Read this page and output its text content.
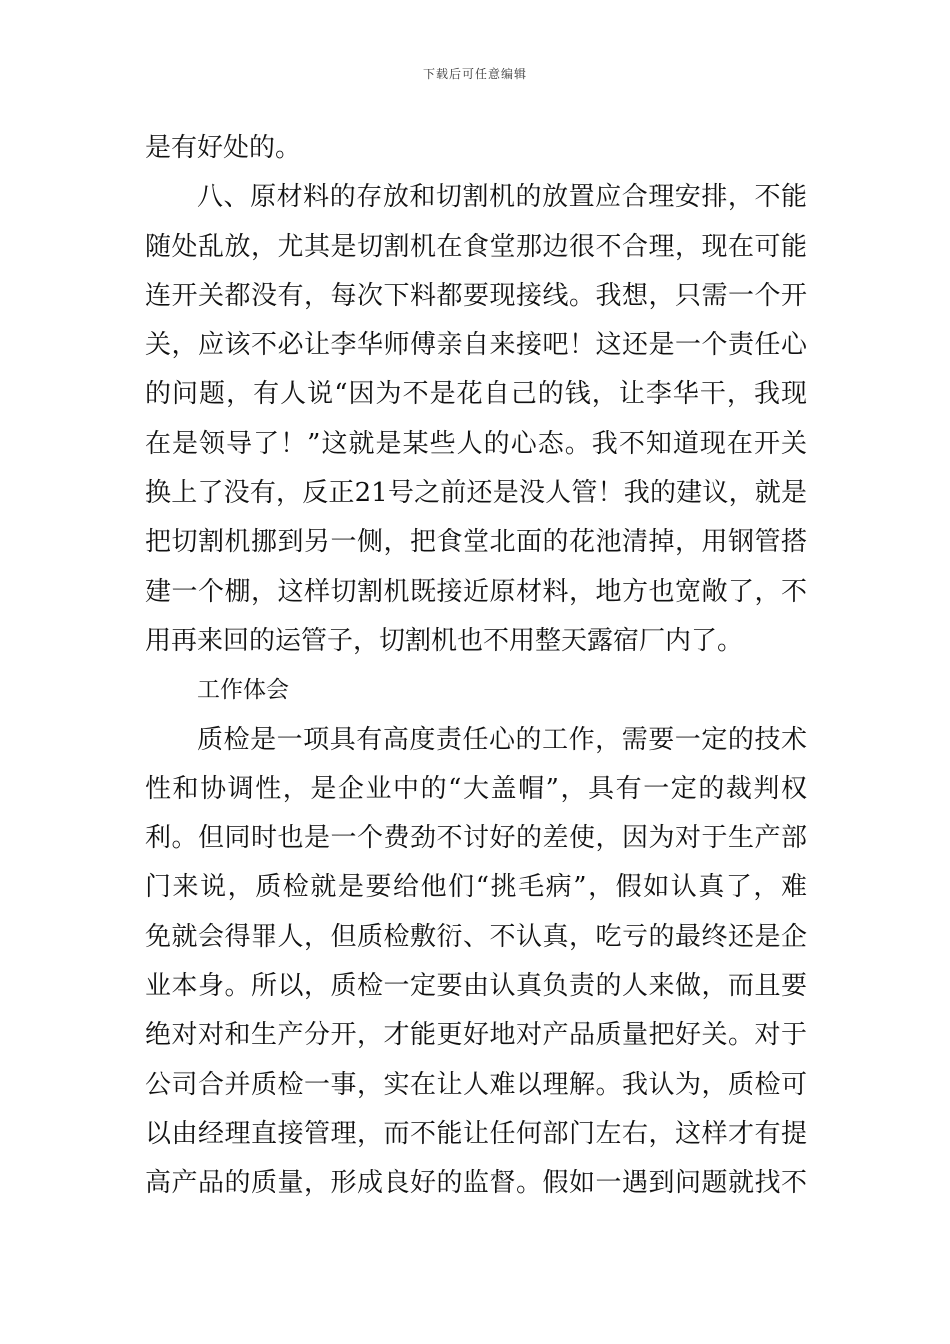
下载后可任意编辑
是有好处的。
八、原材料的存放和切割机的放置应合理安排，不能
随处乱放，尤其是切割机在食堂那边很不合理，现在可能
连开关都没有，每次下料都要现接线。我想，只需一个开
关，应该不必让李华师傅亲自来接吧！这还是一个责任心
的问题，有人说“因为不是花自己的钱，让李华干，我现
在是领导了！”这就是某些人的心态。我不知道现在开关
换上了没有，反正21号之前还是没人管！我的建议，就是
把切割机挪到另一侧，把食堂北面的花池清掉，用钢管搭
建一个棚，这样切割机既接近原材料，地方也宽敞了，不
用再来回的运管子，切割机也不用整天露宿厂内了。
工作体会
质检是一项具有高度责任心的工作，需要一定的技术
性和协调性，是企业中的“大盖帽”，具有一定的裁判权
利。但同时也是一个费劲不讨好的差使，因为对于生产部
门来说，质检就是要给他们“挑毛病”，假如认真了，难
免就会得罪人，但质检敷衍、不认真，吃亏的最终还是企
业本身。所以，质检一定要由认真负责的人来做，而且要
绝对对和生产分开，才能更好地对产品质量把好关。对于
公司合并质检一事，实在让人难以理解。我认为，质检可
以由经理直接管理，而不能让任何部门左右，这样才有提
高产品的质量，形成良好的监督。假如一遇到问题就找不
